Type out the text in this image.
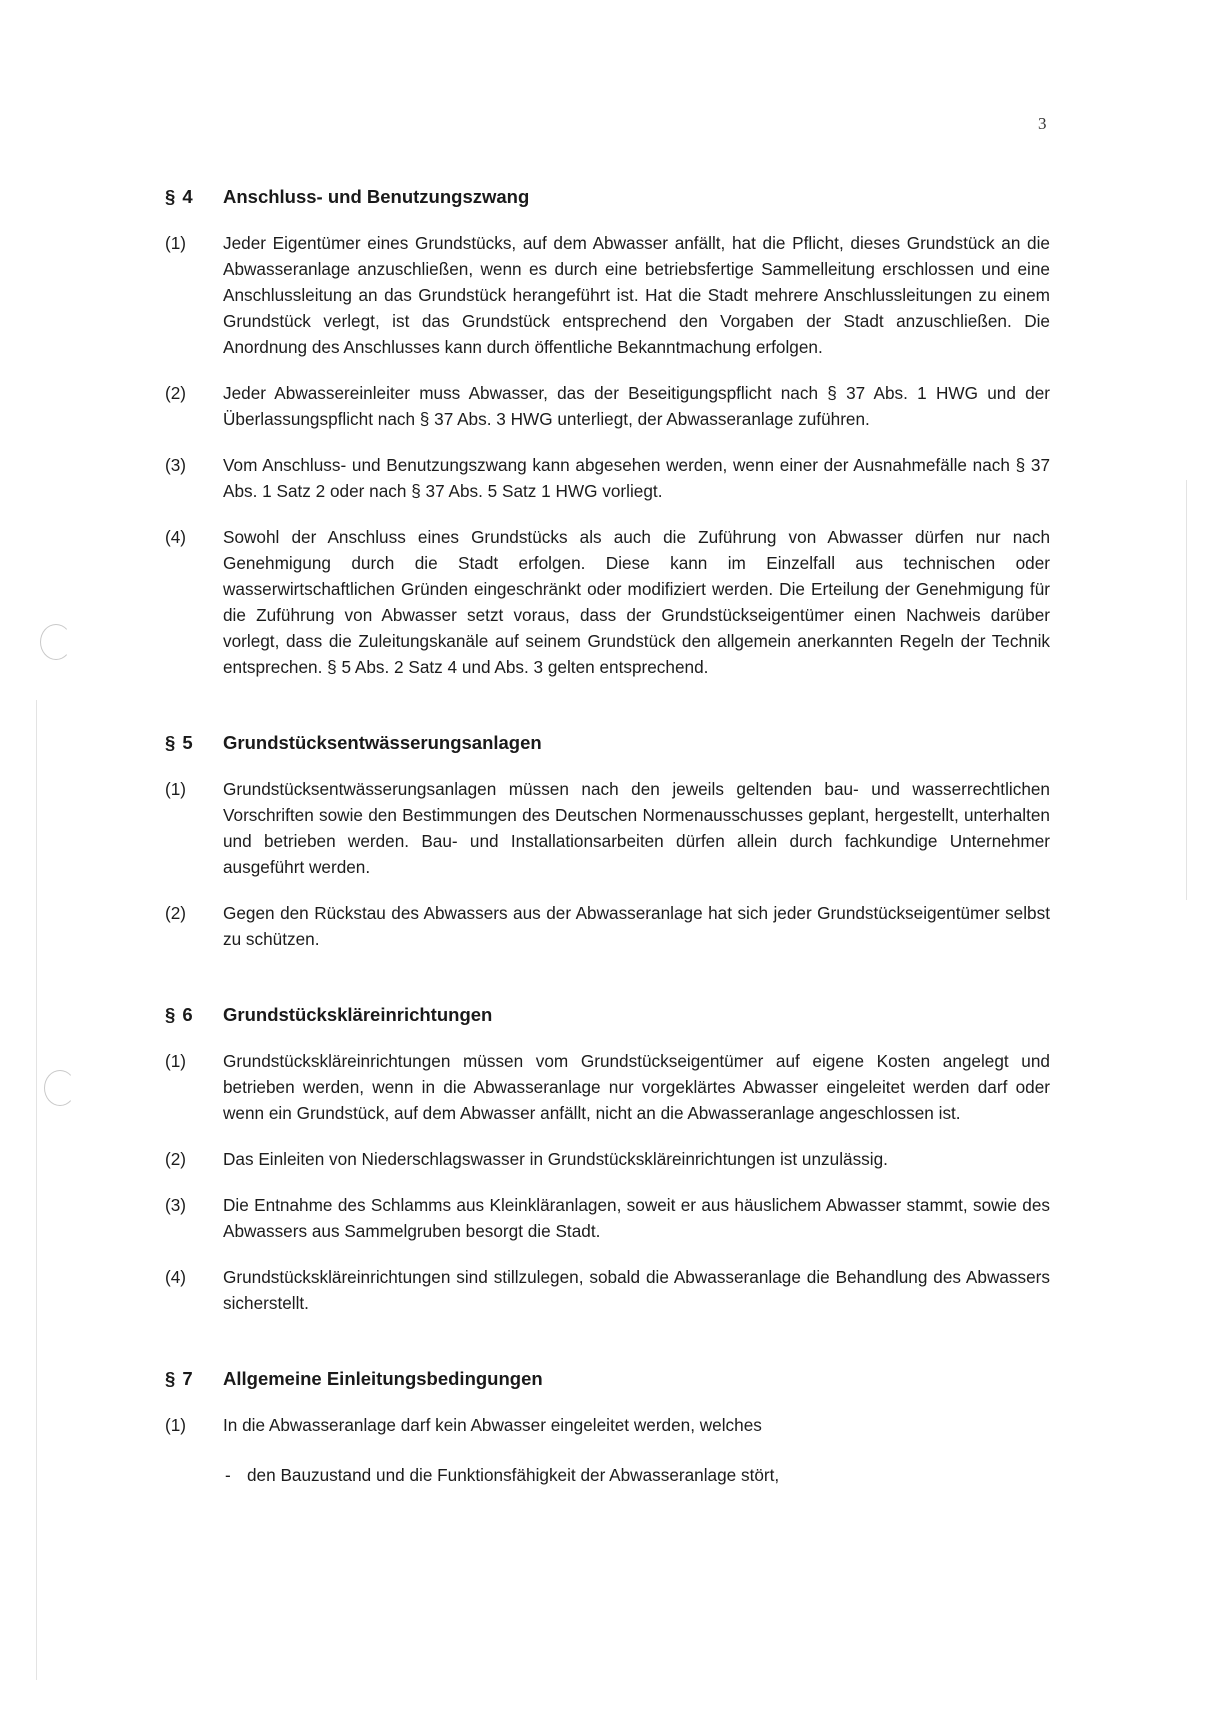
3
§ 4	Anschluss- und Benutzungszwang
(1)	Jeder Eigentümer eines Grundstücks, auf dem Abwasser anfällt, hat die Pflicht, dieses Grundstück an die Abwasseranlage anzuschließen, wenn es durch eine betriebsfertige Sammelleitung erschlossen und eine Anschlussleitung an das Grundstück herangeführt ist. Hat die Stadt mehrere Anschlussleitungen zu einem Grundstück verlegt, ist das Grundstück entsprechend den Vorgaben der Stadt anzuschließen. Die Anordnung des Anschlusses kann durch öffentliche Bekanntmachung erfolgen.
(2)	Jeder Abwassereinleiter muss Abwasser, das der Beseitigungspflicht nach § 37 Abs. 1 HWG und der Überlassungspflicht nach § 37 Abs. 3 HWG unterliegt, der Abwasseranlage zuführen.
(3)	Vom Anschluss- und Benutzungszwang kann abgesehen werden, wenn einer der Ausnahmefälle nach § 37 Abs. 1 Satz 2 oder nach § 37 Abs. 5 Satz 1 HWG vorliegt.
(4)	Sowohl der Anschluss eines Grundstücks als auch die Zuführung von Abwasser dürfen nur nach Genehmigung durch die Stadt erfolgen. Diese kann im Einzelfall aus technischen oder wasserwirtschaftlichen Gründen eingeschränkt oder modifiziert werden. Die Erteilung der Genehmigung für die Zuführung von Abwasser setzt voraus, dass der Grundstückseigentümer einen Nachweis darüber vorlegt, dass die Zuleitungskanäle auf seinem Grundstück den allgemein anerkannten Regeln der Technik entsprechen. § 5 Abs. 2 Satz 4 und Abs. 3 gelten entsprechend.
§ 5	Grundstücksentwässerungsanlagen
(1)	Grundstücksentwässerungsanlagen müssen nach den jeweils geltenden bau- und wasserrechtlichen Vorschriften sowie den Bestimmungen des Deutschen Normenausschusses geplant, hergestellt, unterhalten und betrieben werden. Bau- und Installationsarbeiten dürfen allein durch fachkundige Unternehmer ausgeführt werden.
(2)	Gegen den Rückstau des Abwassers aus der Abwasseranlage hat sich jeder Grundstückseigentümer selbst zu schützen.
§ 6	Grundstückskläreinrichtungen
(1)	Grundstückskläreinrichtungen müssen vom Grundstückseigentümer auf eigene Kosten angelegt und betrieben werden, wenn in die Abwasseranlage nur vorgeklärtes Abwasser eingeleitet werden darf oder wenn ein Grundstück, auf dem Abwasser anfällt, nicht an die Abwasseranlage angeschlossen ist.
(2)	Das Einleiten von Niederschlagswasser in Grundstückskläreinrichtungen ist unzulässig.
(3)	Die Entnahme des Schlamms aus Kleinkläranlagen, soweit er aus häuslichem Abwasser stammt, sowie des Abwassers aus Sammelgruben besorgt die Stadt.
(4)	Grundstückskläreinrichtungen sind stillzulegen, sobald die Abwasseranlage die Behandlung des Abwassers sicherstellt.
§ 7	Allgemeine Einleitungsbedingungen
(1)	In die Abwasseranlage darf kein Abwasser eingeleitet werden, welches
- den Bauzustand und die Funktionsfähigkeit der Abwasseranlage stört,
